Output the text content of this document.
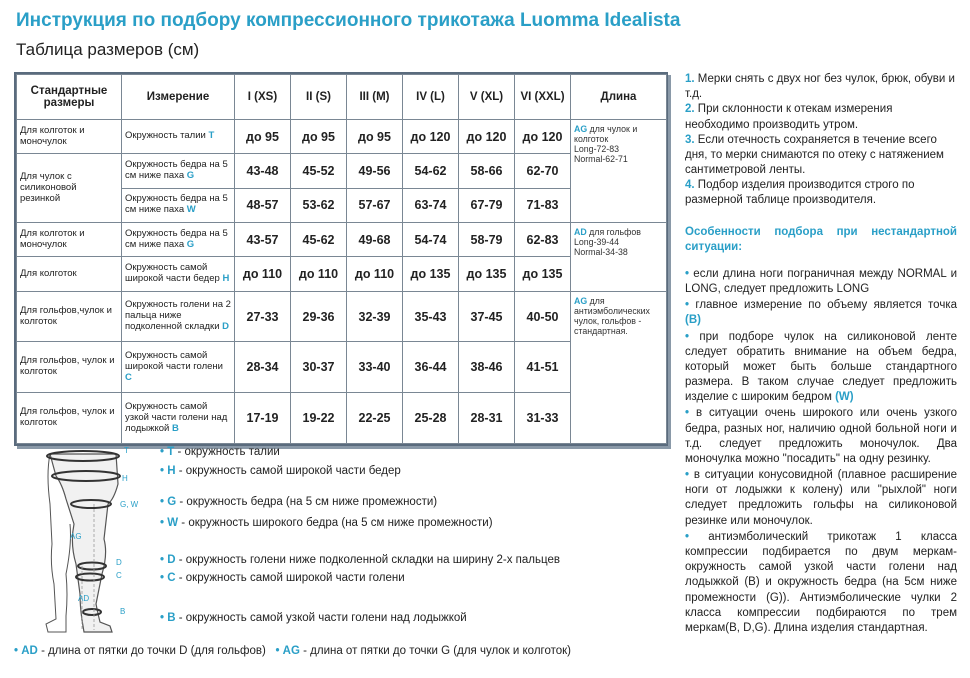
Инструкция по подбору компрессионного трикотажа Luomma Idealista
Таблица размеров (см)
Стандартные размеры	Измерение	I (XS)	II (S)	III (M)	IV (L)	V (XL)	VI (XXL)	Длина
Для колготок и моночулок	Окружность талии T	до 95	до 95	до 95	до 120	до 120	до 120	AG для чулок и колготок
Long-72-83
Normal-62-71
Для чулок с силиконовой резинкой	Окружность бедра на 5 см ниже паха G	43-48	45-52	49-56	54-62	58-66	62-70	
	Окружность бедра на 5 см ниже паха W	48-57	53-62	57-67	63-74	67-79	71-83	
Для колготок и моночулок	Окружность бедра на 5 см ниже паха G	43-57	45-62	49-68	54-74	58-79	62-83	AD для гольфов
Long-39-44
Normal-34-38
Для колготок	Окружность самой широкой части бедер H	до 110	до 110	до 110	до 135	до 135	до 135	
Для гольфов,чулок и колготок	Окружность голени на 2 пальца ниже подколенной складки D	27-33	29-36	32-39	35-43	37-45	40-50	AG для антиэмболических чулок, гольфов - стандартная.
Для гольфов, чулок и колготок	Окружность самой широкой части голени C	28-34	30-37	33-40	36-44	38-46	41-51	
Для гольфов, чулок и колготок	Окружность самой узкой части голени над лодыжкой B	17-19	19-22	22-25	25-28	28-31	31-33	

1. Мерки снять с двух ног без чулок, брюк, обуви и т.д.

2. При склонности к отекам измерения необходимо производить утром.

3. Если отечность сохраняется в течение всего дня, то мерки снимаются по отеку с натяжением сантиметровой ленты.

4. Подбор изделия производится строго по размерной таблице производителя.

Особенности подбора при нестандартной ситуации:

• если длина ноги пограничная между NORMAL и LONG, следует предложить LONG

• главное измерение по объему является точка (B)

• при подборе чулок на силиконовой ленте следует обратить внимание на объем бедра, который может быть больше стандартного размера. В таком случае следует предложить изделие с широким бедром (W)

• в ситуации очень широкого или очень узкого бедра, разных ног, наличию одной больной ноги и т.д. следует предложить моночулок. Два моночулка можно "посадить" на одну резинку.

• в ситуации конусовидной (плавное расширение ноги от лодыжки к колену) или "рыхлой" ноги следует предложить гольфы на силиконовой резинке или моночулок.

• антиэмболический трикотаж 1 класса компрессии подбирается по двум меркам- окружность самой узкой части голени над лодыжкой (B) и окружность бедра (на 5см ниже промежности (G)). Антиэмболические чулки 2 класса компрессии подбираются по трем меркам(B, D,G). Длина изделия стандартная.

T
H
G, W
AG
D
C
AD
B
• T - окружность талии
• H - окружность самой широкой части бедер
• G - окружность бедра (на 5 см ниже промежности)
• W - окружность широкого бедра (на 5 см ниже промежности)
• D - окружность голени ниже подколенной складки на ширину 2-х пальцев
• C - окружность самой широкой части голени
• B - окружность самой узкой части голени над лодыжкой
• AD - длина от пятки до точки D (для гольфов) • AG - длина от пятки до точки G (для чулок и колготок)
